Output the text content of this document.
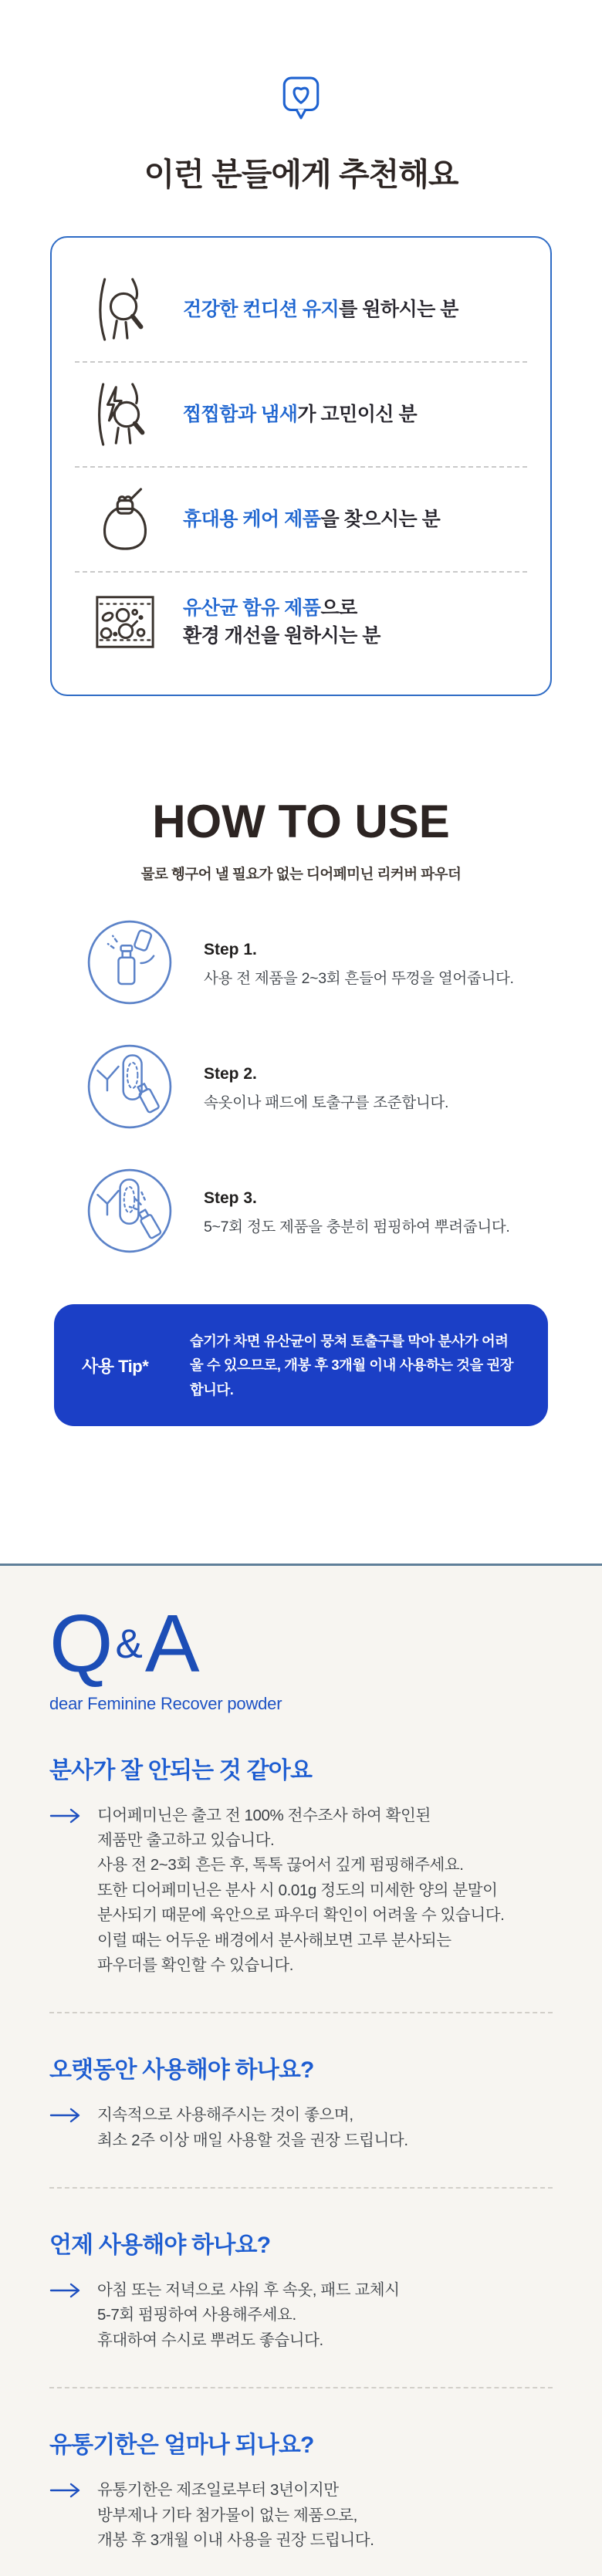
이런 분들에게 추천해요
건강한 컨디션 유지를 원하시는 분
찝찝함과 냄새가 고민이신 분
휴대용 케어 제품을 찾으시는 분
유산균 함유 제품으로
환경 개선을 원하시는 분
HOW TO USE

물로 헹구어 낼 필요가 없는 디어페미닌 리커버 파우더

Step 1.
사용 전 제품을 2~3회 흔들어 뚜껑을 열어줍니다.
Step 2.
속옷이나 패드에 토출구를 조준합니다.
Step 3.
5~7회 정도 제품을 충분히 펌핑하여 뿌려줍니다.
사용 Tip*
습기가 차면 유산균이 뭉쳐 토출구를 막아 분사가 어려울 수 있으므로, 개봉 후 3개월 이내 사용하는 것을 권장합니다.
Q&A

dear Feminine Recover powder

분사가 잘 안되는 것 같아요
디어페미닌은 출고 전 100% 전수조사 하여 확인된
제품만 출고하고 있습니다.
사용 전 2~3회 흔든 후, 톡톡 끊어서 깊게 펌핑해주세요.
또한 디어페미닌은 분사 시 0.01g 정도의 미세한 양의 분말이
분사되기 때문에 육안으로 파우더 확인이 어려울 수 있습니다.
이럴 때는 어두운 배경에서 분사해보면 고루 분사되는
파우더를 확인할 수 있습니다.
오랫동안 사용해야 하나요?
지속적으로 사용해주시는 것이 좋으며,
최소 2주 이상 매일 사용할 것을 권장 드립니다.
언제 사용해야 하나요?
아침 또는 저녁으로 샤워 후 속옷, 패드 교체시
5-7회 펌핑하여 사용해주세요.
휴대하여 수시로 뿌려도 좋습니다.
유통기한은 얼마나 되나요?
유통기한은 제조일로부터 3년이지만
방부제나 기타 첨가물이 없는 제품으로,
개봉 후 3개월 이내 사용을 권장 드립니다.
